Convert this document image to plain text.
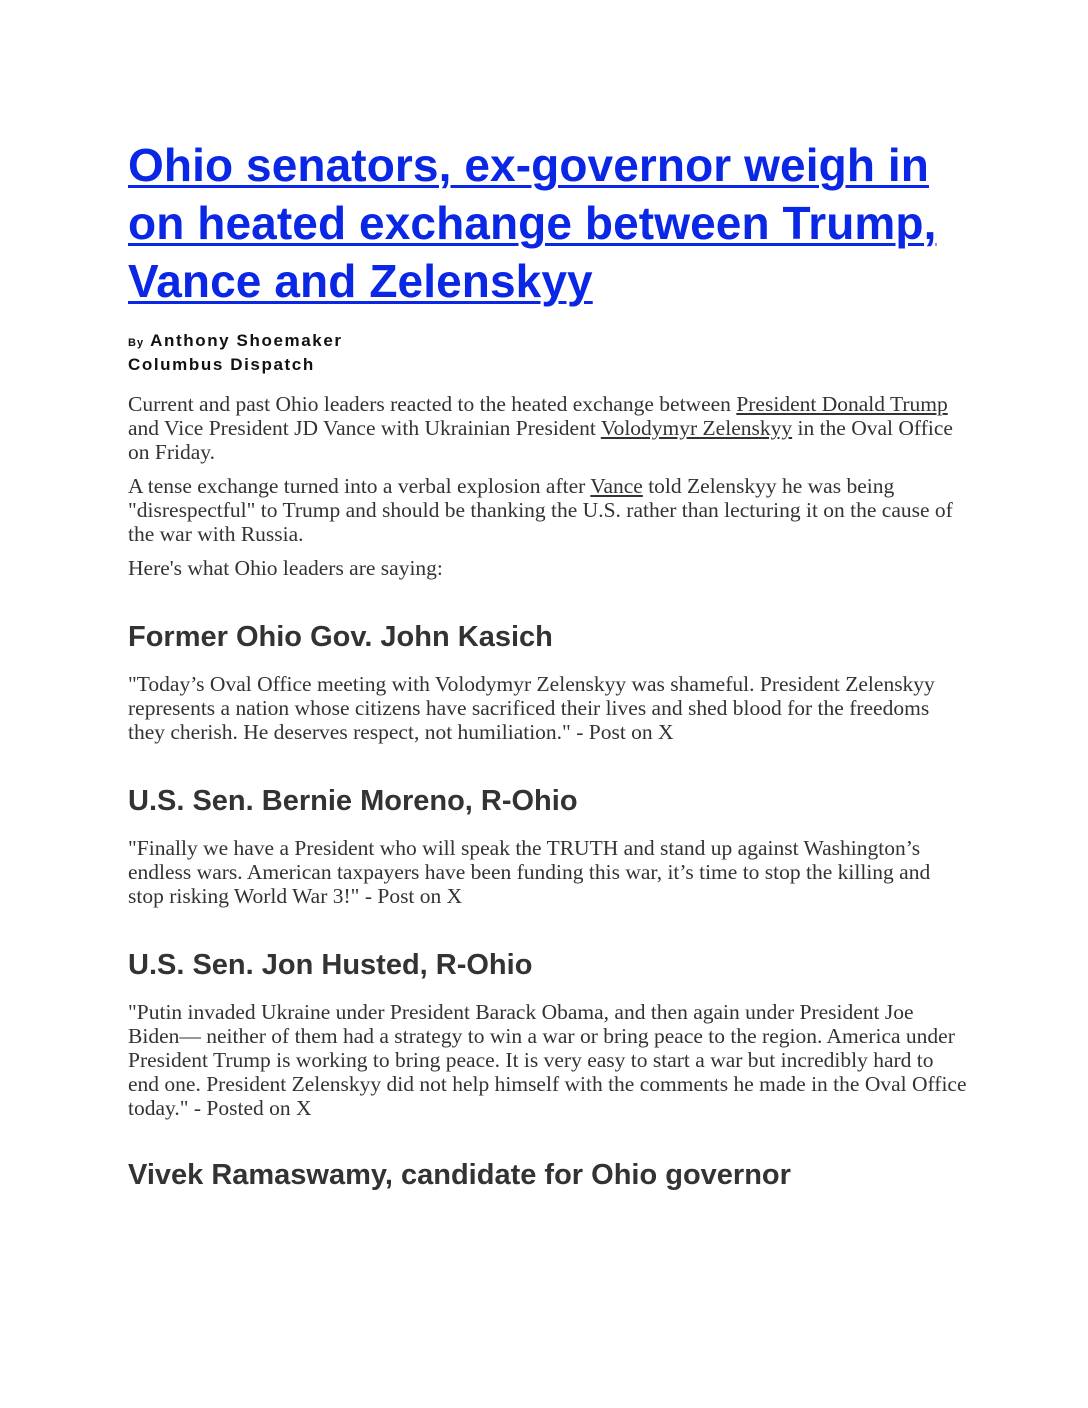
Ohio senators, ex-governor weigh in on heated exchange between Trump, Vance and Zelenskyy
By Anthony Shoemaker
Columbus Dispatch

Current and past Ohio leaders reacted to the heated exchange between President Donald Trump and Vice President JD Vance with Ukrainian President Volodymyr Zelenskyy in the Oval Office on Friday.

A tense exchange turned into a verbal explosion after Vance told Zelenskyy he was being "disrespectful" to Trump and should be thanking the U.S. rather than lecturing it on the cause of the war with Russia.

Here's what Ohio leaders are saying:

Former Ohio Gov. John Kasich

"Today’s Oval Office meeting with Volodymyr Zelenskyy was shameful. President Zelenskyy represents a nation whose citizens have sacrificed their lives and shed blood for the freedoms they cherish. He deserves respect, not humiliation." - Post on X

U.S. Sen. Bernie Moreno, R-Ohio

"Finally we have a President who will speak the TRUTH and stand up against Washington’s endless wars. American taxpayers have been funding this war, it’s time to stop the killing and stop risking World War 3!" - Post on X

U.S. Sen. Jon Husted, R-Ohio

"Putin invaded Ukraine under President Barack Obama, and then again under President Joe Biden— neither of them had a strategy to win a war or bring peace to the region. America under President Trump is working to bring peace. It is very easy to start a war but incredibly hard to end one. President Zelenskyy did not help himself with the comments he made in the Oval Office today." - Posted on X

Vivek Ramaswamy, candidate for Ohio governor
